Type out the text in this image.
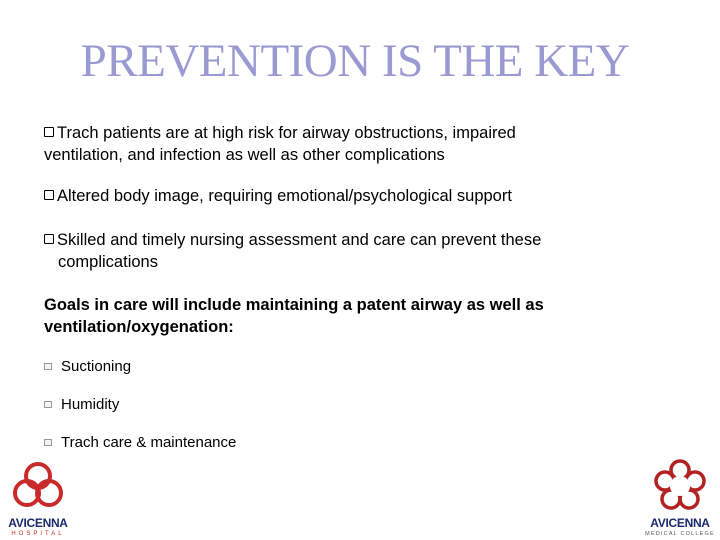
PREVENTION IS THE KEY
Trach patients are at high risk for airway obstructions, impaired
ventilation, and infection as well as other complications
Altered body image, requiring emotional/psychological support
Skilled and timely nursing assessment and care can prevent these
complications
Goals in care will include maintaining a patent airway as well as
ventilation/oxygenation:
Suctioning
Humidity
Trach care & maintenance
AVICENNA
HOSPITAL
AVICENNA
MEDICAL COLLEGE
